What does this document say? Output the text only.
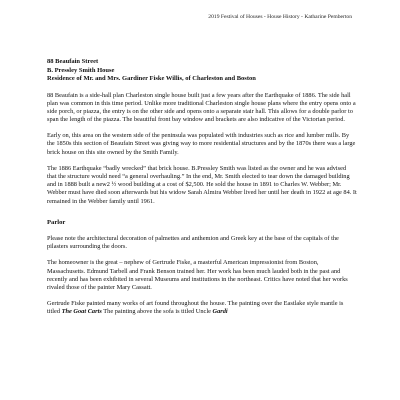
2019 Festival of Houses - House History - Katharine Pemberton
88 Beaufain Street
B. Pressley Smith House
Residence of Mr. and Mrs. Gardiner Fiske Willis, of Charleston and Boston

88 Beaufain is a side-hall plan Charleston single house built just a few years after the Earthquake of 1886. The side hall plan was common in this time period. Unlike more traditional Charleston single house plans where the entry opens onto a side porch, or piazza, the entry is on the other side and opens onto a separate stair hall. This allows for a double parlor to span the length of the piazza. The beautiful front bay window and brackets are also indicative of the Victorian period.

Early on, this area on the western side of the peninsula was populated with industries such as rice and lumber mills. By the 1850s this section of Beaufain Street was giving way to more residential structures and by the 1870s there was a large brick house on this site owned by the Smith Family.

The 1886 Earthquake “badly wrecked” that brick house. B.Pressley Smith was listed as the owner and he was advised that the structure would need “a general overhauling.” In the end, Mr. Smith elected to tear down the damaged building and in 1888 built a new2 ½ wood building at a cost of $2,500. He sold the house in 1891 to Charles W. Webber; Mr. Webber must have died soon afterwards but his widow Sarah Almira Webber lived her until her death in 1922 at age 84. It remained in the Webber family until 1961.

Parlor

Please note the architectural decoration of palmettes and anthemion and Greek key at the base of the capitals of the pilasters surrounding the doors.

The homeowner is the great – nephew of Gertrude Fiske, a masterful American impressionist from Boston, Massachusetts. Edmund Tarbell and Frank Benson trained her. Her work has been much lauded both in the past and recently and has been exhibited in several Museums and institutions in the northeast. Critics have noted that her works rivaled those of the painter Mary Cassatt.

Gertrude Fiske painted many works of art found throughout the house. The painting over the Eastlake style mantle is titled The Goat Carts The painting above the sofa is titled Uncle Gardi
